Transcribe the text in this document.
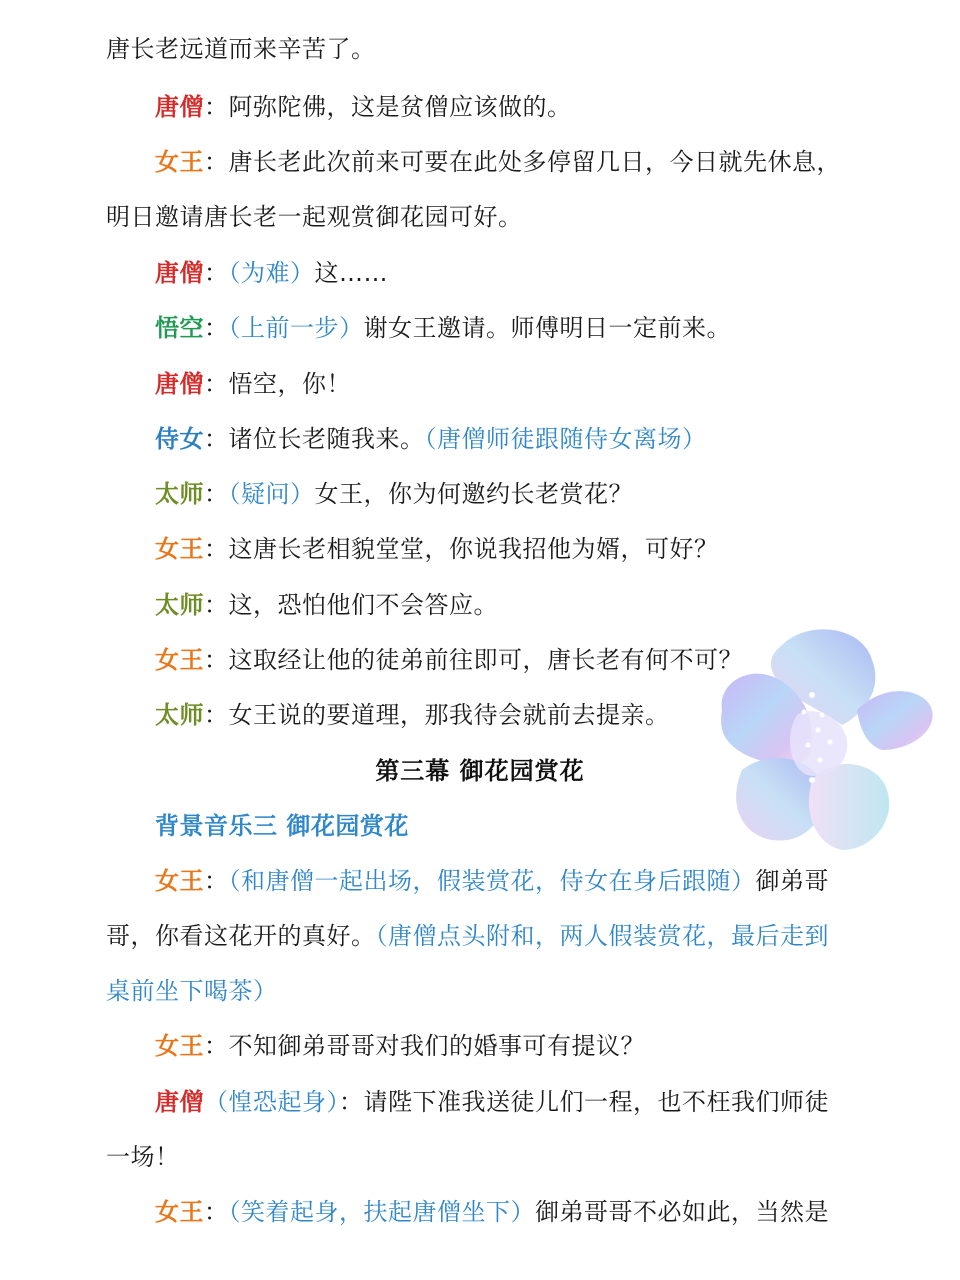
唐长老远道而来辛苦了。
唐僧：阿弥陀佛，这是贫僧应该做的。
女王：唐长老此次前来可要在此处多停留几日，今日就先休息，
明日邀请唐长老一起观赏御花园可好。
唐僧：（为难）这……
悟空：（上前一步）谢女王邀请。师傅明日一定前来。
唐僧：悟空，你！
侍女：诸位长老随我来。（唐僧师徒跟随侍女离场）
太师：（疑问）女王，你为何邀约长老赏花？
女王：这唐长老相貌堂堂，你说我招他为婿，可好？
太师：这，恐怕他们不会答应。
女王：这取经让他的徒弟前往即可，唐长老有何不可？
太师：女王说的要道理，那我待会就前去提亲。
第三幕 御花园赏花
背景音乐三 御花园赏花
女王：（和唐僧一起出场，假装赏花，侍女在身后跟随）御弟哥
哥，你看这花开的真好。（唐僧点头附和，两人假装赏花，最后走到
桌前坐下喝茶）
女王：不知御弟哥哥对我们的婚事可有提议？
唐僧（惶恐起身）：请陛下准我送徒儿们一程，也不枉我们师徒
一场！
女王：（笑着起身，扶起唐僧坐下）御弟哥哥不必如此，当然是
